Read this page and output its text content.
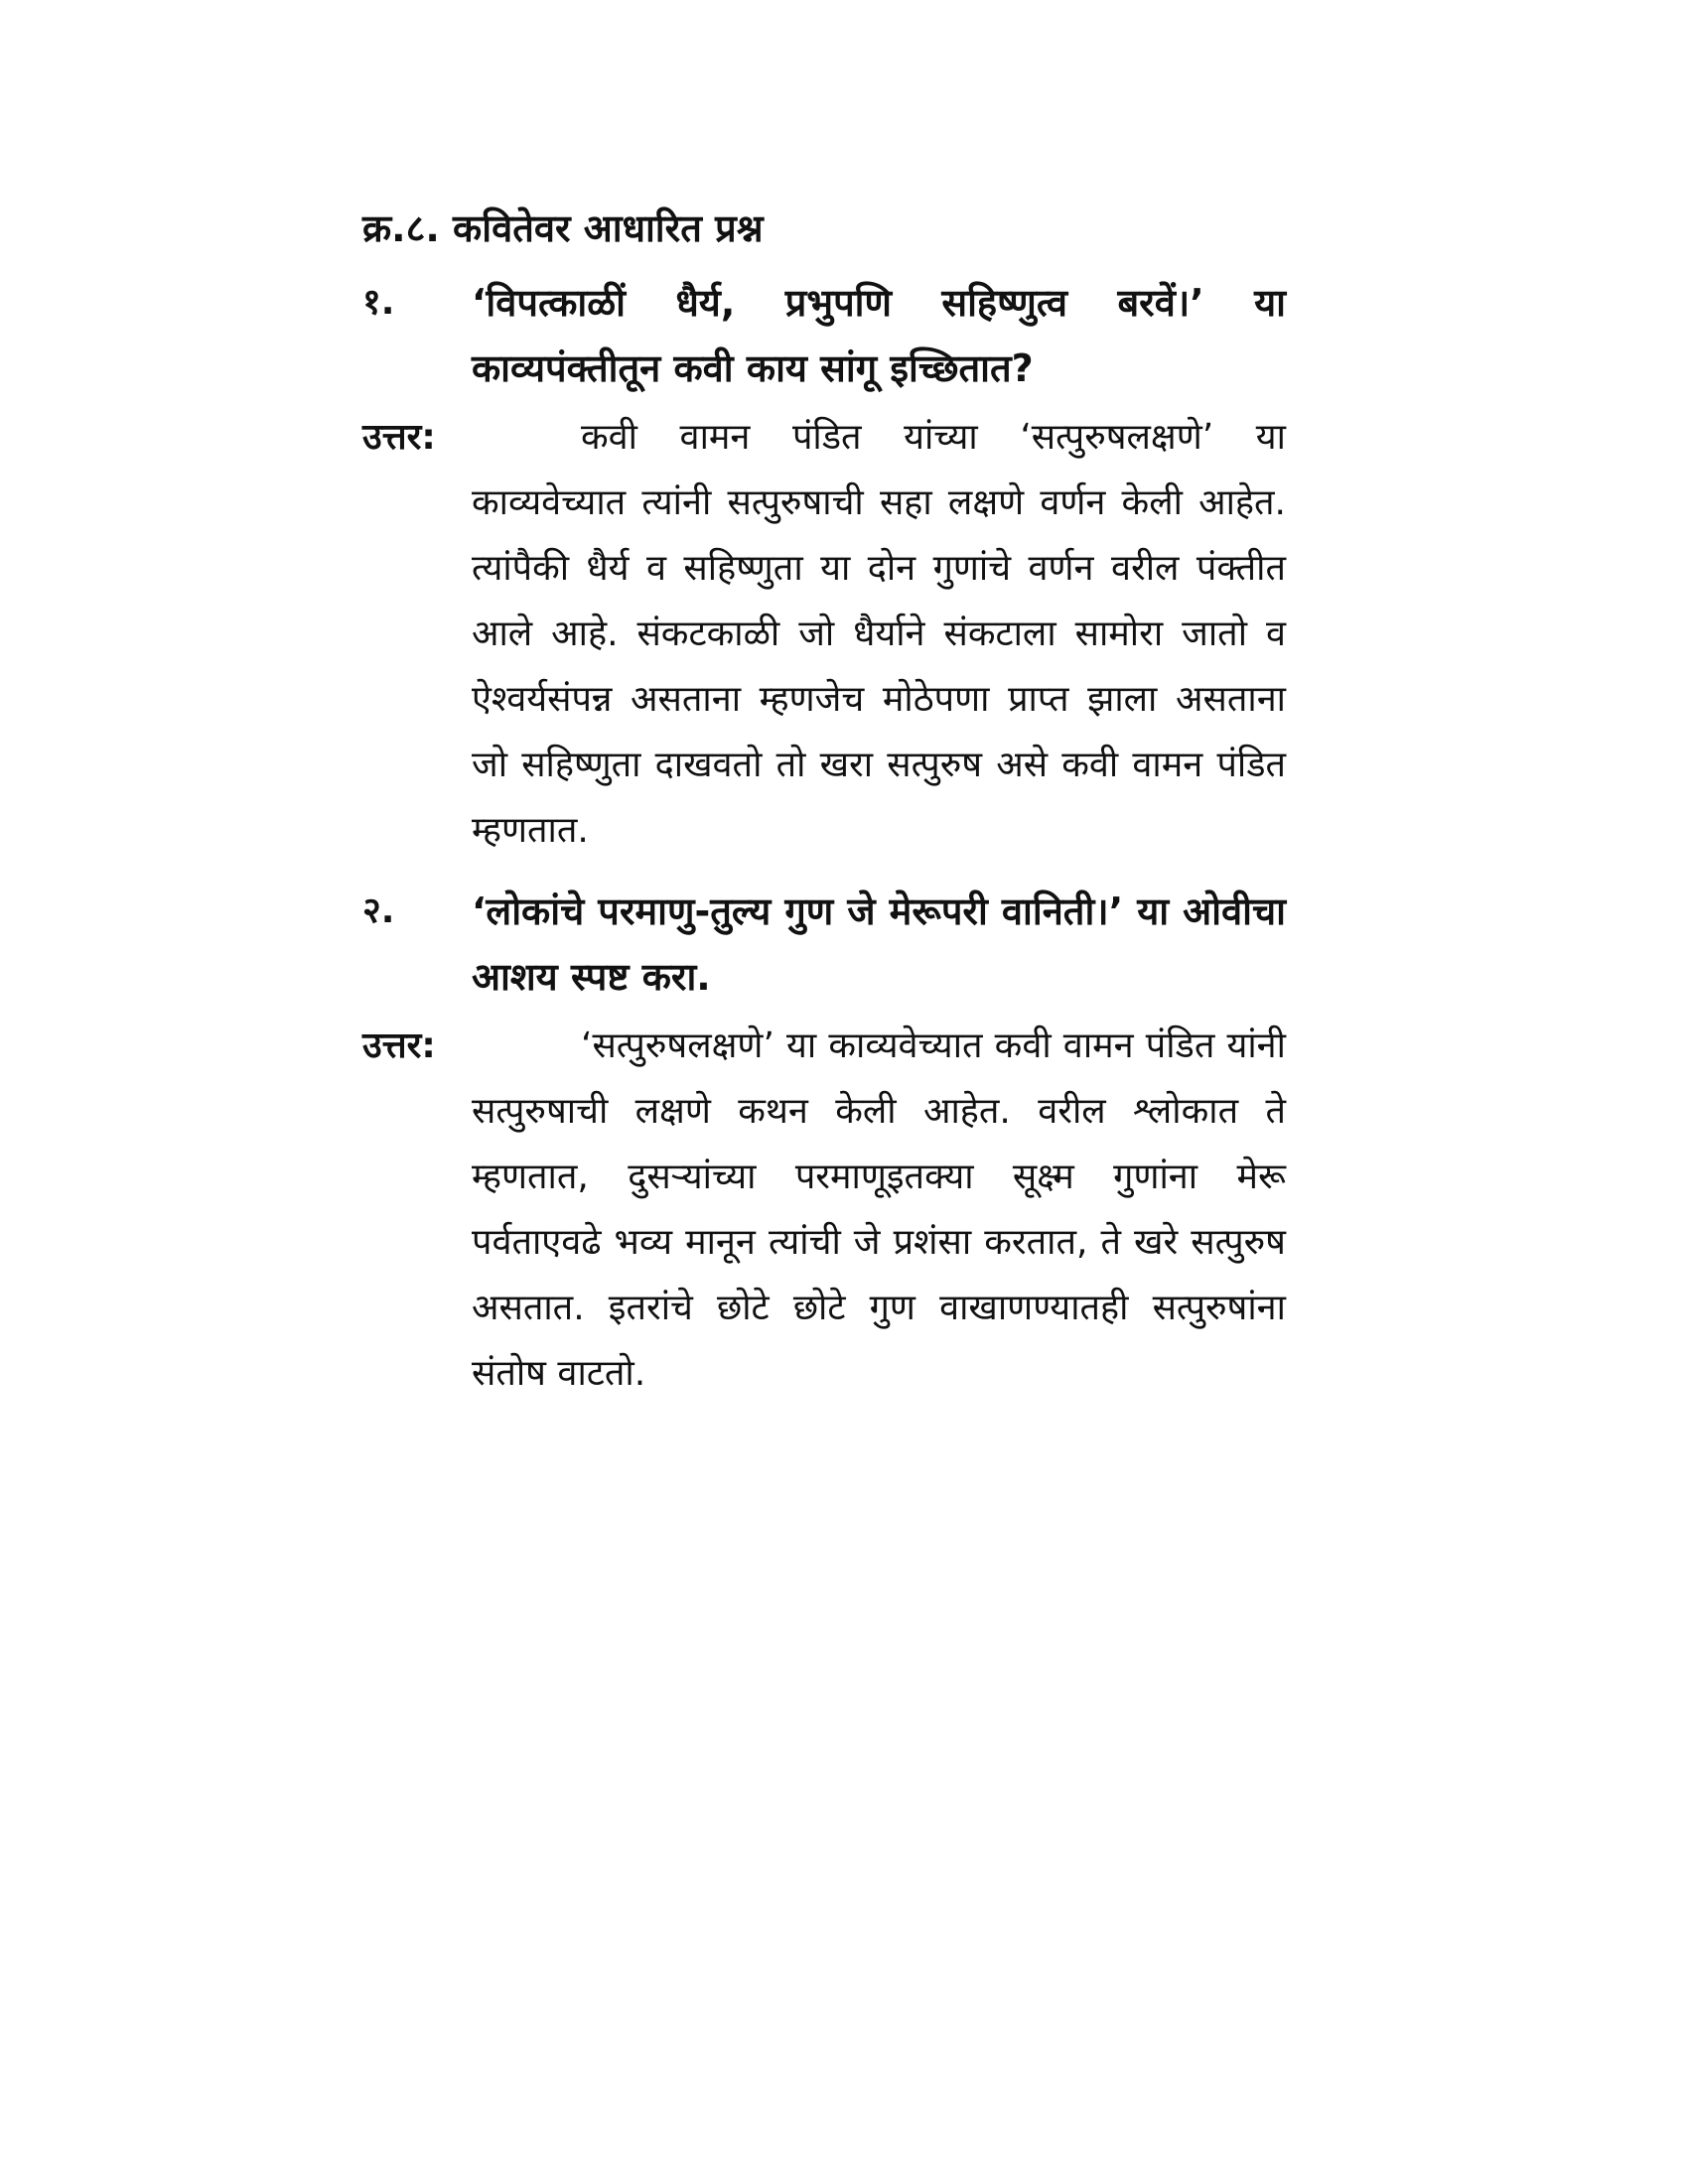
क्र.८. कवितेवर आधारित प्रश्न
१.	‘विपत्काळीं धैर्य, प्रभुपणि सहिष्णुत्व बरवें।’ या काव्यपंक्तीतून कवी काय सांगू इच्छितात?
उत्तर:	कवी वामन पंडित यांच्या ‘सत्पुरुषलक्षणे’ या काव्यवेच्यात त्यांनी सत्पुरुषाची सहा लक्षणे वर्णन केली आहेत. त्यांपैकी धैर्य व सहिष्णुता या दोन गुणांचे वर्णन वरील पंक्तीत आले आहे. संकटकाळी जो धैर्याने संकटाला सामोरा जातो व ऐश्वर्यसंपन्न असताना म्हणजेच मोठेपणा प्राप्त झाला असताना जो सहिष्णुता दाखवतो तो खरा सत्पुरुष असे कवी वामन पंडित म्हणतात.
२.	‘लोकांचे परमाणु-तुल्य गुण जे मेरूपरी वानिती।’ या ओवीचा आशय स्पष्ट करा.
उत्तर:	‘सत्पुरुषलक्षणे’ या काव्यवेच्यात कवी वामन पंडित यांनी सत्पुरुषाची लक्षणे कथन केली आहेत. वरील श्लोकात ते म्हणतात, दुसऱ्यांच्या परमाणूइतक्या सूक्ष्म गुणांना मेरू पर्वताएवढे भव्य मानून त्यांची जे प्रशंसा करतात, ते खरे सत्पुरुष असतात. इतरांचे छोटे छोटे गुण वाखाणण्यातही सत्पुरुषांना संतोष वाटतो.
